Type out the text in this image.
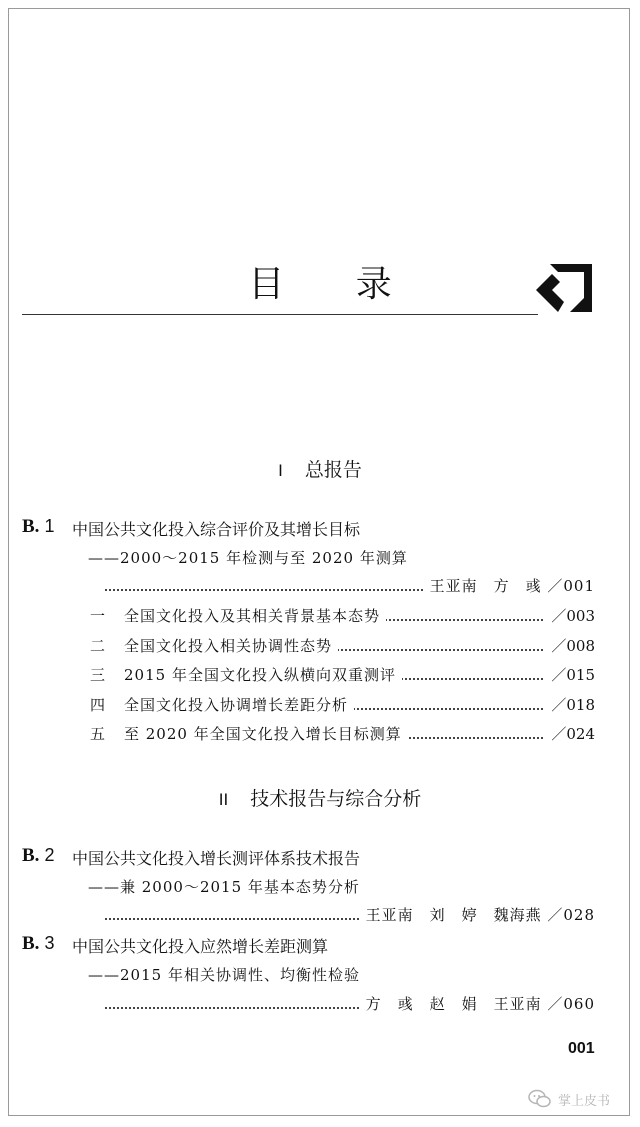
目 录
I 总报告
B. 1 中国公共文化投入综合评价及其增长目标
——2000～2015 年检测与至 2020 年测算
王亚南　方　彧 ／001
一 全国文化投入及其相关背景基本态势	／003
二 全国文化投入相关协调性态势	／008
三 2015 年全国文化投入纵横向双重测评	／015
四 全国文化投入协调增长差距分析	／018
五 至 2020 年全国文化投入增长目标测算	／024
II 技术报告与综合分析
B. 2 中国公共文化投入增长测评体系技术报告
——兼 2000～2015 年基本态势分析
王亚南　刘　婷　魏海燕 ／028
B. 3 中国公共文化投入应然增长差距测算
——2015 年相关协调性、均衡性检验
方　彧　赵　娟　王亚南 ／060
001
掌上皮书
